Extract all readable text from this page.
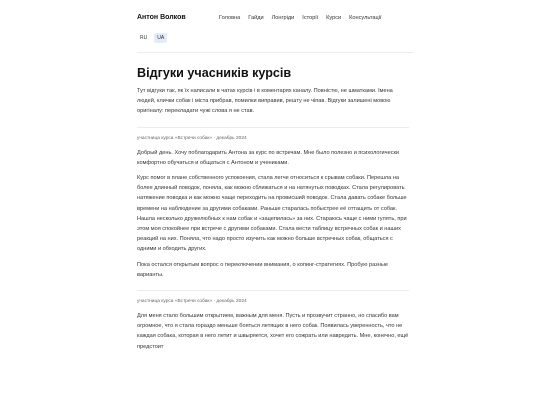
Антон Волков	Головна Гайди Лонгріди Історії Курси Консультації
RU	UA
Відгуки учасників курсів

Тут відгуки так, як їх написали в чатах курсів і в коментарях каналу. Повністю, не шматками. Імена людей, клички собак і міста прибрав, помилки виправив, решту не чіпав. Відгуки залишені мовою оригіналу: перекладати чужі слова я не став.

участница курса «Встречи собак» · декабрь 2024

Добрый день. Хочу поблагодарить Антона за курс по встречам. Мне было полезно и психологически комфортно обучаться и общаться с Антоном и учениками.

Курс помог в плане собственного успокоения, стала легче относиться к срывам собаки. Перешла на более длинный поводок, поняла, как можно сближаться и на натянутых поводках. Стала регулировать натяжение поводка и как можно чаще переходить на провисший поводок. Стала давать собаке больше времени на наблюдение за другими собаками. Раньше старалась побыстрее её оттащить от собак. Нашла несколько дружелюбных к нам собак и «зацепилась» за них. Стараюсь чаще с ними гулять, при этом моя спокойнее при встрече с другими собаками. Стала вести таблицу встречных собак и наших реакций на них. Поняла, что надо просто изучить как можно больше встречных собак, общаться с одними и обходить других.

Пока остался открытым вопрос о переключении внимания, о копинг-стратегиях. Пробую разные варианты.

участница курса «Встречи собак» · декабрь 2024

Для меня стало большим открытием, важным для меня. Пусть и прозвучит странно, но спасибо вам огромное, что я стала гораздо меньше бояться летящих в него собак. Появилась уверенность, что не каждая собака, которая в него летит и швыряется, хочет его сожрать или навредить. Мне, конечно, ещё предстоит
